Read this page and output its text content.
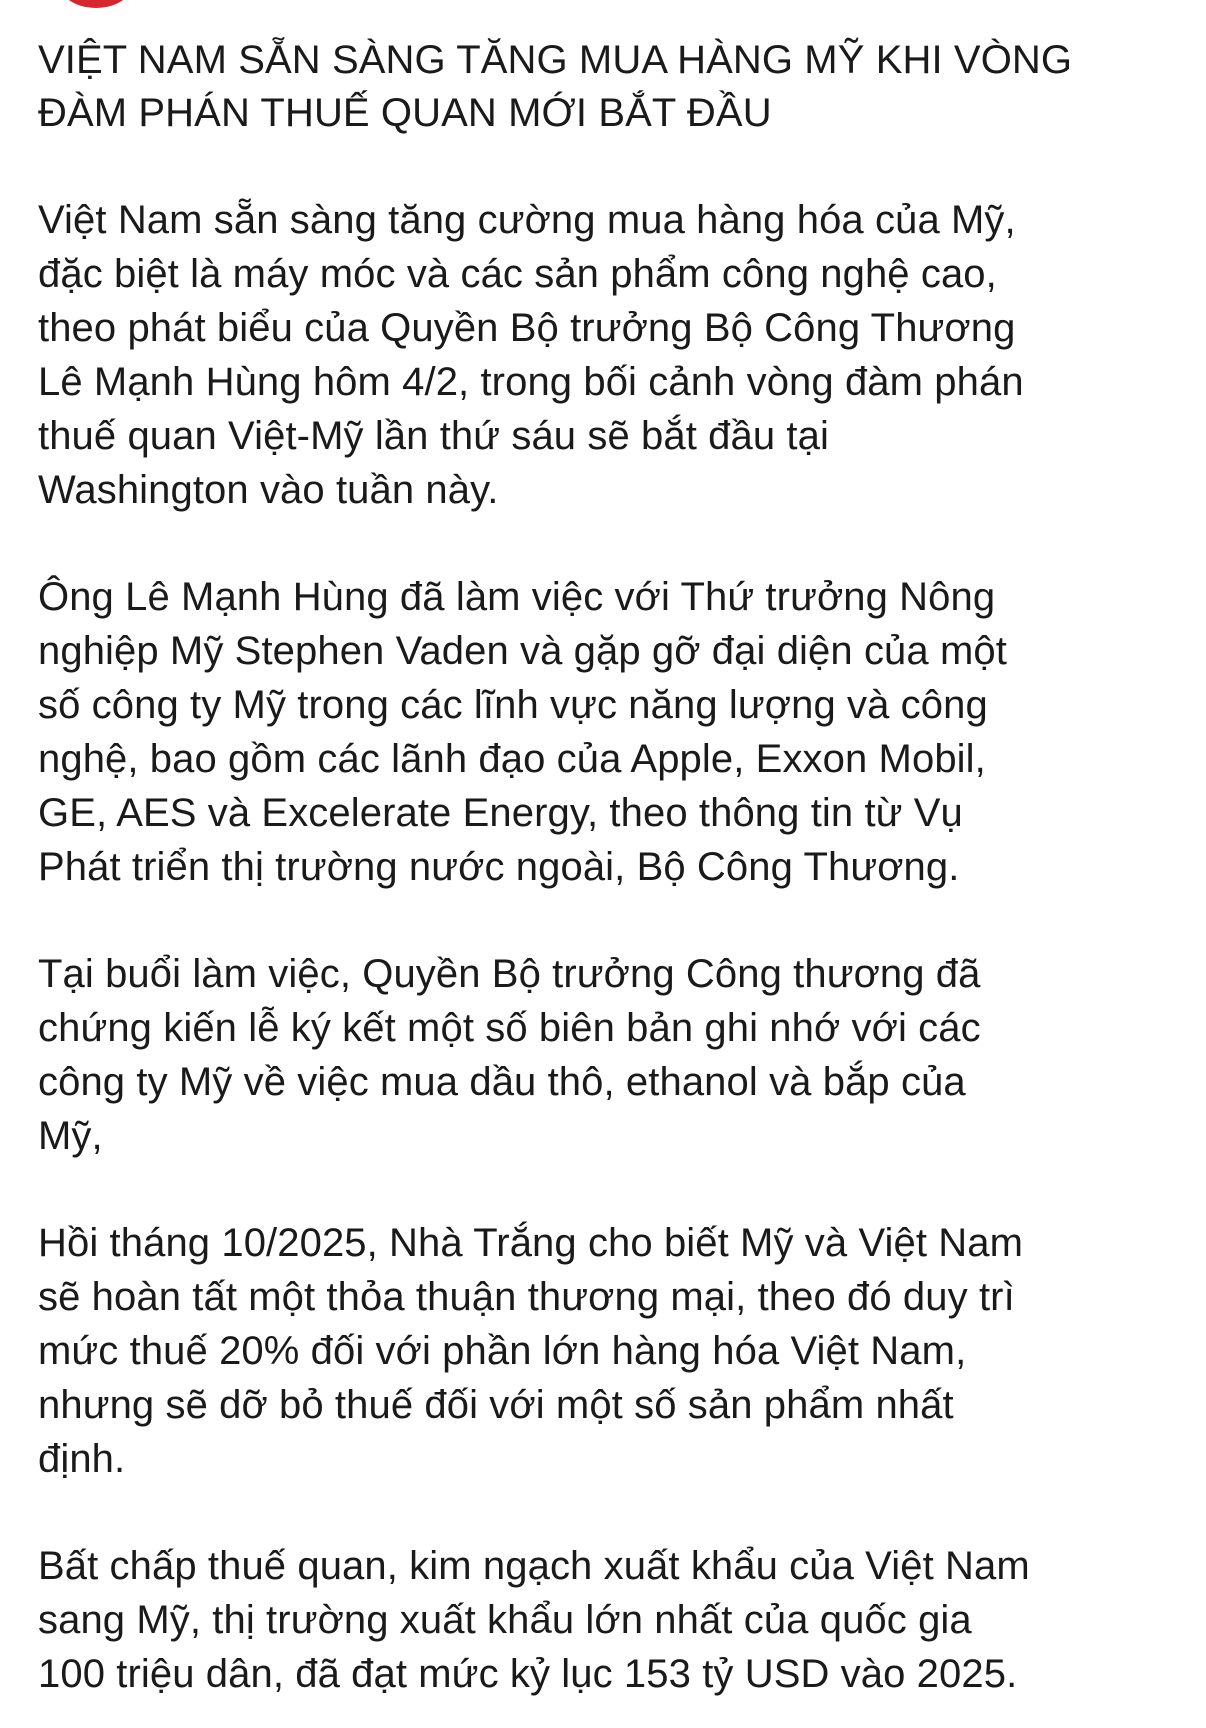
VIỆT NAM SẴN SÀNG TĂNG MUA HÀNG MỸ KHI VÒNG
ĐÀM PHÁN THUẾ QUAN MỚI BẮT ĐẦU

Việt Nam sẵn sàng tăng cường mua hàng hóa của Mỹ,
đặc biệt là máy móc và các sản phẩm công nghệ cao,
theo phát biểu của Quyền Bộ trưởng Bộ Công Thương
Lê Mạnh Hùng hôm 4/2, trong bối cảnh vòng đàm phán
thuế quan Việt-Mỹ lần thứ sáu sẽ bắt đầu tại
Washington vào tuần này.

Ông Lê Mạnh Hùng đã làm việc với Thứ trưởng Nông
nghiệp Mỹ Stephen Vaden và gặp gỡ đại diện của một
số công ty Mỹ trong các lĩnh vực năng lượng và công
nghệ, bao gồm các lãnh đạo của Apple, Exxon Mobil,
GE, AES và Excelerate Energy, theo thông tin từ Vụ
Phát triển thị trường nước ngoài, Bộ Công Thương.

Tại buổi làm việc, Quyền Bộ trưởng Công thương đã
chứng kiến lễ ký kết một số biên bản ghi nhớ với các
công ty Mỹ về việc mua dầu thô, ethanol và bắp của
Mỹ,

Hồi tháng 10/2025, Nhà Trắng cho biết Mỹ và Việt Nam
sẽ hoàn tất một thỏa thuận thương mại, theo đó duy trì
mức thuế 20% đối với phần lớn hàng hóa Việt Nam,
nhưng sẽ dỡ bỏ thuế đối với một số sản phẩm nhất
định.

Bất chấp thuế quan, kim ngạch xuất khẩu của Việt Nam
sang Mỹ, thị trường xuất khẩu lớn nhất của quốc gia
100 triệu dân, đã đạt mức kỷ lục 153 tỷ USD vào 2025.
